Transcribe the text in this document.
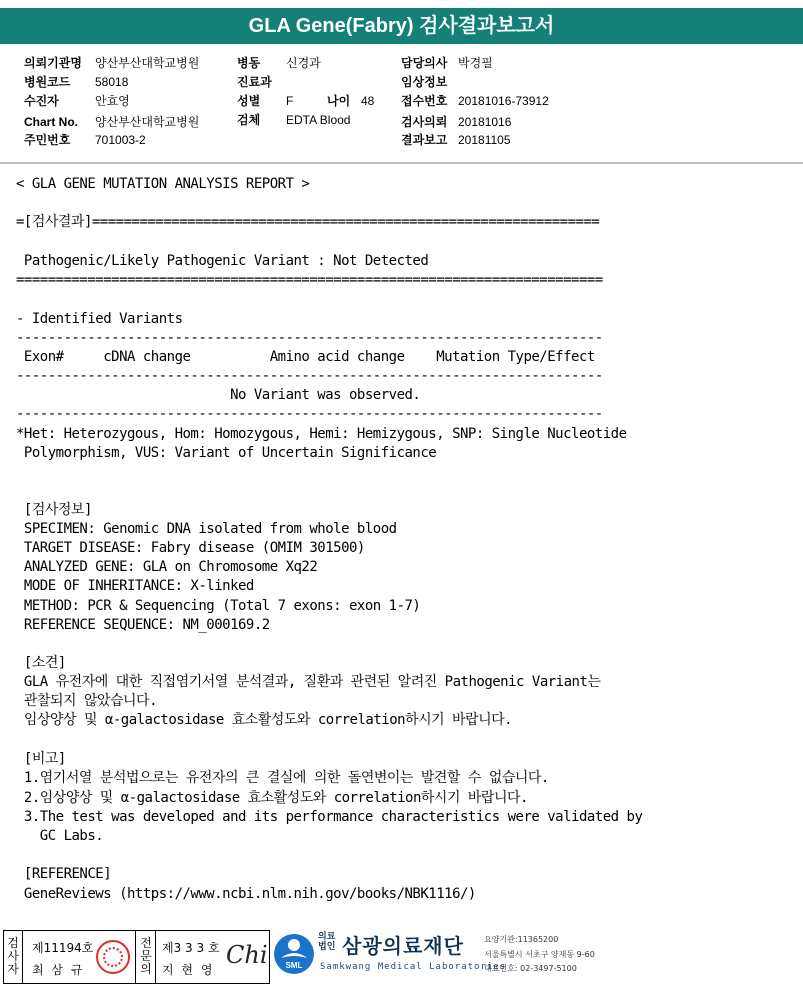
GLA Gene(Fabry) 검사결과보고서
의뢰기관명 양산부산대학교병원
병원코드 58018
수진자	안효영
Chart No. 양산부산대학교병원
주민번호 701003-2
병동 신경과
진료과
성별 F	나이 48
검체 EDTA Blood
담당의사 박경필
임상정보
접수번호 20181016-73912
검사의뢰 20181016
결과보고 20181105
< GLA GENE MUTATION ANALYSIS REPORT >
=[검사결과]================================================================
Pathogenic/Likely Pathogenic Variant : Not Detected
==========================================================================
- Identified Variants
--------------------------------------------------------------------------
Exon#     cDNA change          Amino acid change    Mutation Type/Effect
--------------------------------------------------------------------------
No Variant was observed.
--------------------------------------------------------------------------
*Het: Heterozygous, Hom: Homozygous, Hemi: Hemizygous, SNP: Single Nucleotide
Polymorphism, VUS: Variant of Uncertain Significance
[검사정보]
SPECIMEN: Genomic DNA isolated from whole blood
TARGET DISEASE: Fabry disease (OMIM 301500)
ANALYZED GENE: GLA on Chromosome Xq22
MODE OF INHERITANCE: X-linked
METHOD: PCR & Sequencing (Total 7 exons: exon 1-7)
REFERENCE SEQUENCE: NM_000169.2
[소견]
GLA 유전자에 대한 직접염기서열 분석결과, 질환과 관련된 알려진 Pathogenic Variant는
관찰되지 않았습니다.
임상양상 및 α-galactosidase 효소활성도와 correlation하시기 바랍니다.
[비고]
1.염기서열 분석법으로는 유전자의 큰 결실에 의한 돌연변이는 발견할 수 없습니다.
2.임상양상 및 α-galactosidase 효소활성도와 correlation하시기 바랍니다.
3.The test was developed and its performance characteristics were validated by
GC Labs.
[REFERENCE]
GeneReviews (https://www.ncbi.nlm.nih.gov/books/NBK1116/)
검
사
자
제11194호
최 삼 규
전
문
의
제3 3 3 호
지 현 영
Chi SML
의료법인 삼광의료재단
Samkwang Medical Laboratories
요양기관:11365200
서울특별시 서초구 양재동 9-60
대표번호: 02-3497-5100
